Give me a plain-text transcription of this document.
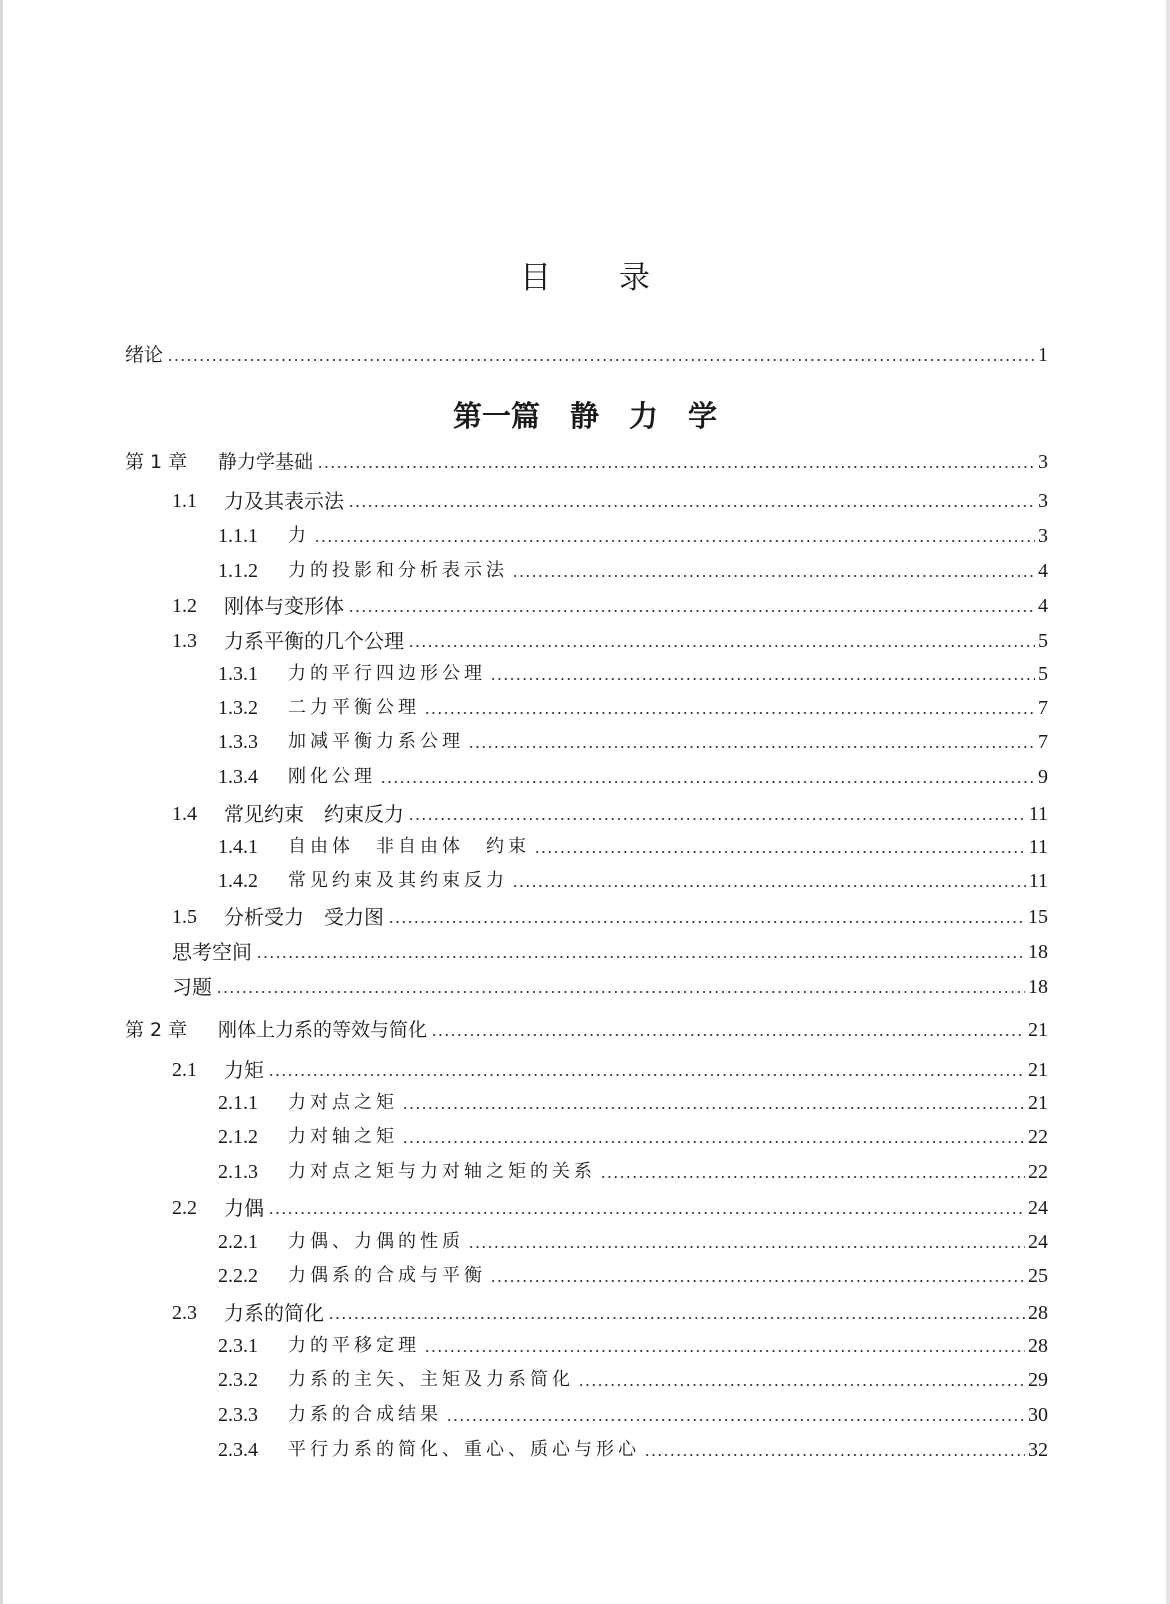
目录
绪论	1
第一篇 静 力 学
第 1 章 静力学基础	3
1.1 力及其表示法	3
1.1.1 力	3
1.1.2 力的投影和分析表示法	4
1.2 刚体与变形体	4
1.3 力系平衡的几个公理	5
1.3.1 力的平行四边形公理	5
1.3.2 二力平衡公理	7
1.3.3 加减平衡力系公理	7
1.3.4 刚化公理	9
1.4 常见约束　约束反力	11
1.4.1 自由体　非自由体　约束	11
1.4.2 常见约束及其约束反力	11
1.5 分析受力　受力图	15
思考空间	18
习题	18
第 2 章 刚体上力系的等效与简化	21
2.1 力矩	21
2.1.1 力对点之矩	21
2.1.2 力对轴之矩	22
2.1.3 力对点之矩与力对轴之矩的关系	22
2.2 力偶	24
2.2.1 力偶、力偶的性质	24
2.2.2 力偶系的合成与平衡	25
2.3 力系的简化	28
2.3.1 力的平移定理	28
2.3.2 力系的主矢、主矩及力系简化	29
2.3.3 力系的合成结果	30
2.3.4 平行力系的简化、重心、质心与形心	32
